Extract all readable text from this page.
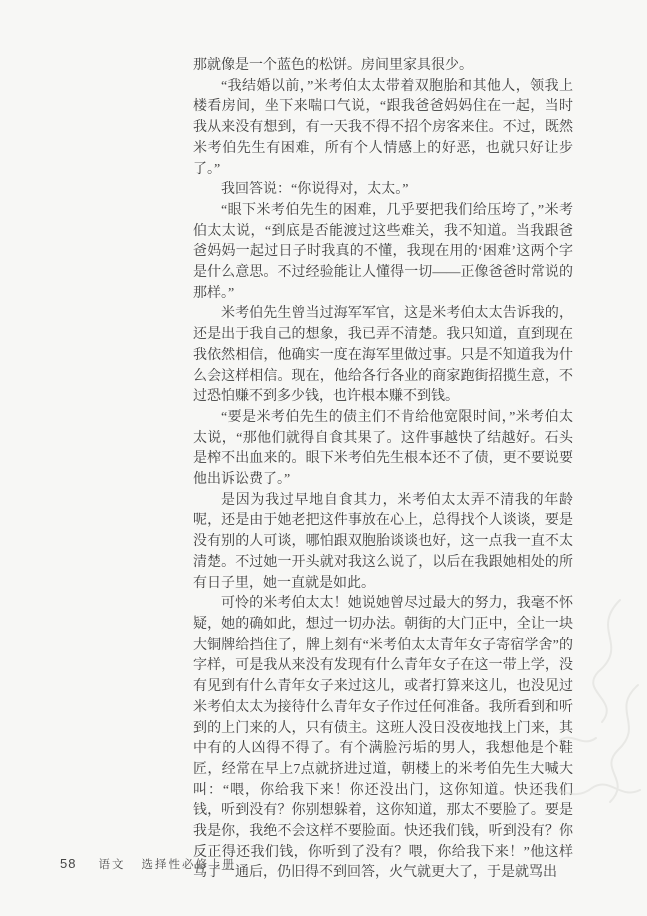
那就像是一个蓝色的松饼。房间里家具很少。

“我结婚以前，”米考伯太太带着双胞胎和其他人，领我上楼看房间，坐下来喘口气说，“跟我爸爸妈妈住在一起，当时我从来没有想到，有一天我不得不招个房客来住。不过，既然米考伯先生有困难，所有个人情感上的好恶，也就只好让步了。”

我回答说：“你说得对，太太。”

“眼下米考伯先生的困难，几乎要把我们给压垮了，”米考伯太太说，“到底是否能渡过这些难关，我不知道。当我跟爸爸妈妈一起过日子时我真的不懂，我现在用的‘困难’这两个字是什么意思。不过经验能让人懂得一切——正像爸爸时常说的那样。”

米考伯先生曾当过海军军官，这是米考伯太太告诉我的，还是出于我自己的想象，我已弄不清楚。我只知道，直到现在我依然相信，他确实一度在海军里做过事。只是不知道我为什么会这样相信。现在，他给各行各业的商家跑街招揽生意，不过恐怕赚不到多少钱，也许根本赚不到钱。

“要是米考伯先生的债主们不肯给他宽限时间，”米考伯太太说，“那他们就得自食其果了。这件事越快了结越好。石头是榨不出血来的。眼下米考伯先生根本还不了债，更不要说要他出诉讼费了。”

是因为我过早地自食其力，米考伯太太弄不清我的年龄呢，还是由于她老把这件事放在心上，总得找个人谈谈，要是没有别的人可谈，哪怕跟双胞胎谈谈也好，这一点我一直不太清楚。不过她一开头就对我这么说了，以后在我跟她相处的所有日子里，她一直就是如此。

可怜的米考伯太太！她说她曾尽过最大的努力，我毫不怀疑，她的确如此，想过一切办法。朝街的大门正中，全让一块大铜牌给挡住了，牌上刻有“米考伯太太青年女子寄宿学舍”的字样，可是我从来没有发现有什么青年女子在这一带上学，没有见到有什么青年女子来过这儿，或者打算来这儿，也没见过米考伯太太为接待什么青年女子作过任何准备。我所看到和听到的上门来的人，只有债主。这班人没日没夜地找上门来，其中有的人凶得不得了。有个满脸污垢的男人，我想他是个鞋匠，经常在早上7点就挤进过道，朝楼上的米考伯先生大喊大叫：“喂，你给我下来！你还没出门，这你知道。快还我们钱，听到没有？你别想躲着，这你知道，那太不要脸了。要是我是你，我绝不会这样不要脸面。快还我们钱，听到没有？你反正得还我们钱，你听到了没有？喂，你给我下来！”他这样骂了一通后，仍旧得不到回答，火气就更大了，于是就骂出

58 语文 选择性必修上册
